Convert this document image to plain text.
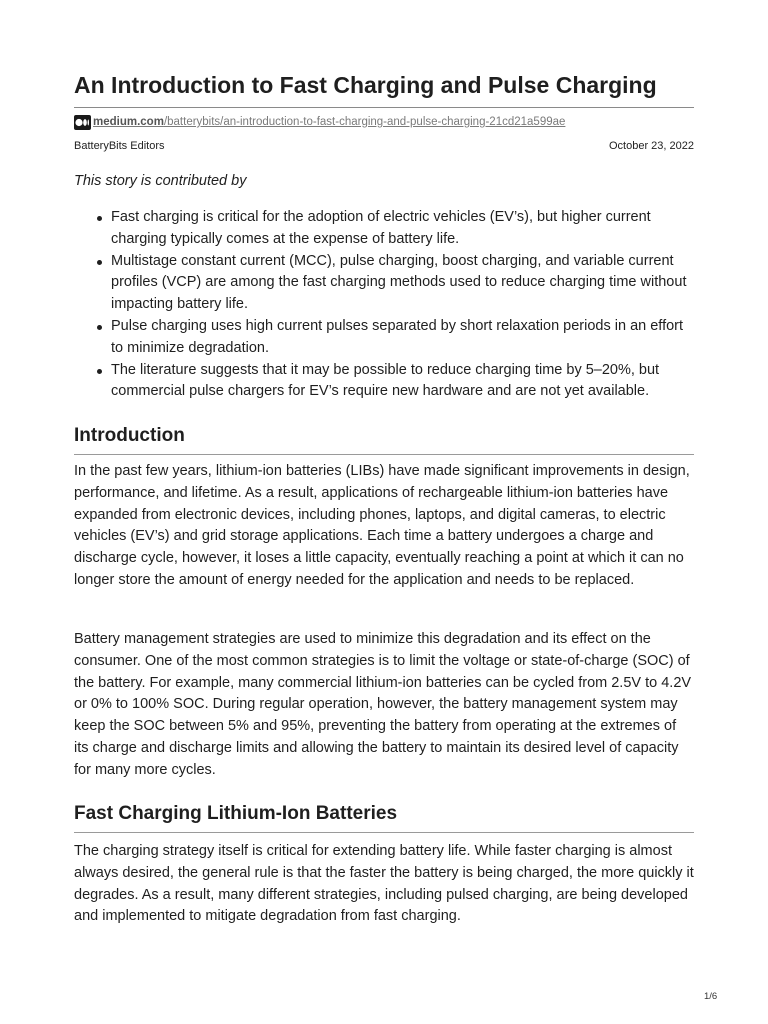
An Introduction to Fast Charging and Pulse Charging
medium.com/batterybits/an-introduction-to-fast-charging-and-pulse-charging-21cd21a599ae
BatteryBits Editors	October 23, 2022

This story is contributed by

Fast charging is critical for the adoption of electric vehicles (EV’s), but higher current charging typically comes at the expense of battery life.
Multistage constant current (MCC), pulse charging, boost charging, and variable current profiles (VCP) are among the fast charging methods used to reduce charging time without impacting battery life.
Pulse charging uses high current pulses separated by short relaxation periods in an effort to minimize degradation.
The literature suggests that it may be possible to reduce charging time by 5–20%, but commercial pulse chargers for EV’s require new hardware and are not yet available.
Introduction

In the past few years, lithium-ion batteries (LIBs) have made significant improvements in design, performance, and lifetime. As a result, applications of rechargeable lithium-ion batteries have expanded from electronic devices, including phones, laptops, and digital cameras, to electric vehicles (EV’s) and grid storage applications. Each time a battery undergoes a charge and discharge cycle, however, it loses a little capacity, eventually reaching a point at which it can no longer store the amount of energy needed for the application and needs to be replaced.

Battery management strategies are used to minimize this degradation and its effect on the consumer. One of the most common strategies is to limit the voltage or state-of-charge (SOC) of the battery. For example, many commercial lithium-ion batteries can be cycled from 2.5V to 4.2V or 0% to 100% SOC. During regular operation, however, the battery management system may keep the SOC between 5% and 95%, preventing the battery from operating at the extremes of its charge and discharge limits and allowing the battery to maintain its desired level of capacity for many more cycles.

Fast Charging Lithium-Ion Batteries

The charging strategy itself is critical for extending battery life. While faster charging is almost always desired, the general rule is that the faster the battery is being charged, the more quickly it degrades. As a result, many different strategies, including pulsed charging, are being developed and implemented to mitigate degradation from fast charging.

1/6
